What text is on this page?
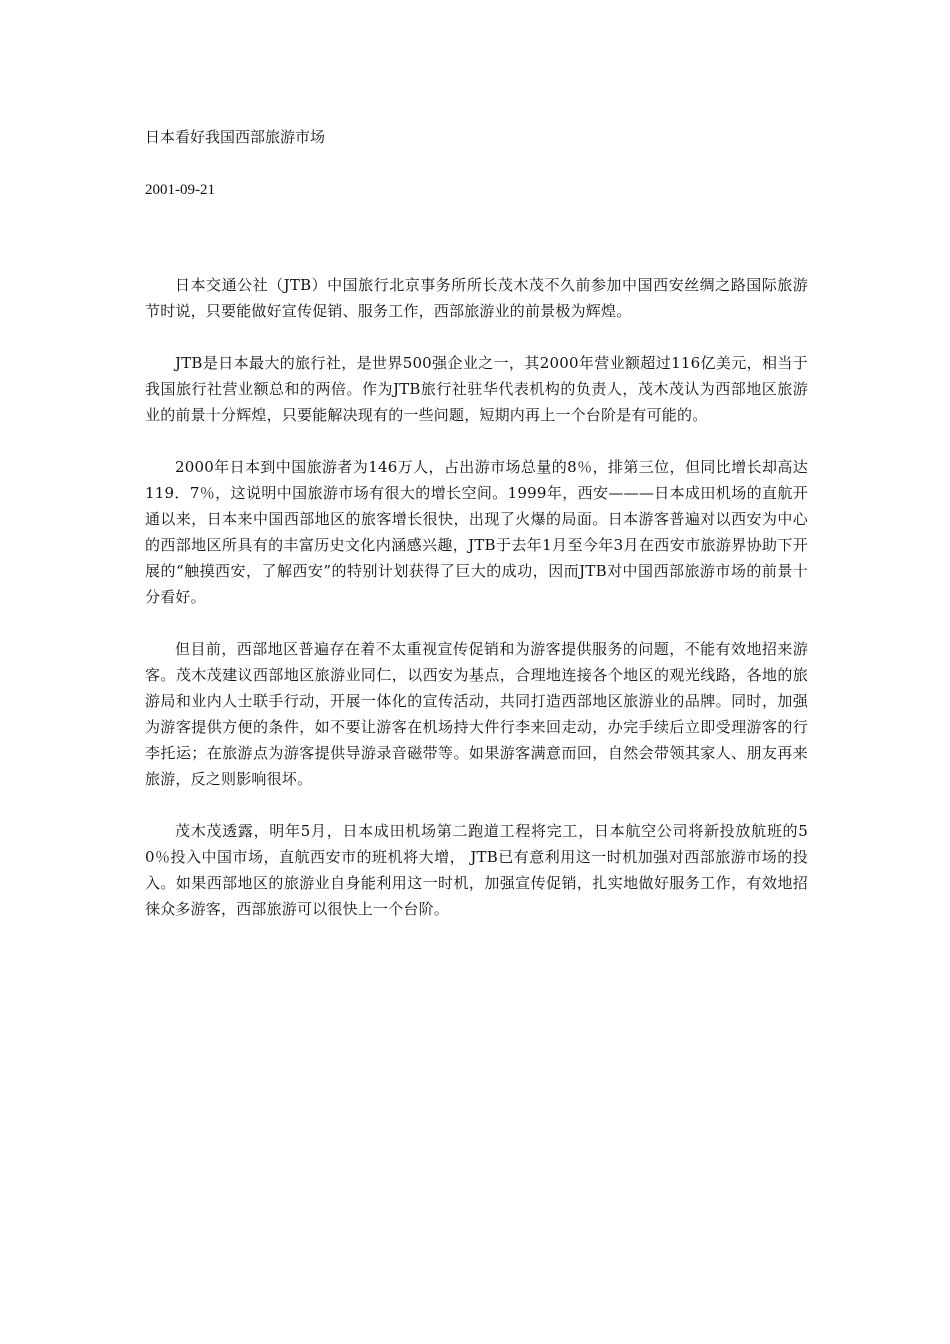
日本看好我国西部旅游市场
2001-09-21

日本交通公社（JTB）中国旅行北京事务所所长茂木茂不久前参加中国西安丝绸之路国际旅游节时说，只要能做好宣传促销、服务工作，西部旅游业的前景极为辉煌。

JTB是日本最大的旅行社，是世界500强企业之一，其2000年营业额超过116亿美元，相当于我国旅行社营业额总和的两倍。作为JTB旅行社驻华代表机构的负责人，茂木茂认为西部地区旅游业的前景十分辉煌，只要能解决现有的一些问题，短期内再上一个台阶是有可能的。

2000年日本到中国旅游者为146万人，占出游市场总量的8％，排第三位，但同比增长却高达119．7％，这说明中国旅游市场有很大的增长空间。1999年，西安———日本成田机场的直航开通以来，日本来中国西部地区的旅客增长很快，出现了火爆的局面。日本游客普遍对以西安为中心的西部地区所具有的丰富历史文化内涵感兴趣，JTB于去年1月至今年3月在西安市旅游界协助下开展的“触摸西安，了解西安”的特别计划获得了巨大的成功，因而JTB对中国西部旅游市场的前景十分看好。

但目前，西部地区普遍存在着不太重视宣传促销和为游客提供服务的问题，不能有效地招来游客。茂木茂建议西部地区旅游业同仁，以西安为基点，合理地连接各个地区的观光线路，各地的旅游局和业内人士联手行动，开展一体化的宣传活动，共同打造西部地区旅游业的品牌。同时，加强为游客提供方便的条件，如不要让游客在机场持大件行李来回走动，办完手续后立即受理游客的行李托运；在旅游点为游客提供导游录音磁带等。如果游客满意而回，自然会带领其家人、朋友再来旅游，反之则影响很坏。

茂木茂透露，明年5月，日本成田机场第二跑道工程将完工，日本航空公司将新投放航班的50％投入中国市场，直航西安市的班机将大增， JTB已有意利用这一时机加强对西部旅游市场的投入。如果西部地区的旅游业自身能利用这一时机，加强宣传促销，扎实地做好服务工作，有效地招徕众多游客，西部旅游可以很快上一个台阶。
